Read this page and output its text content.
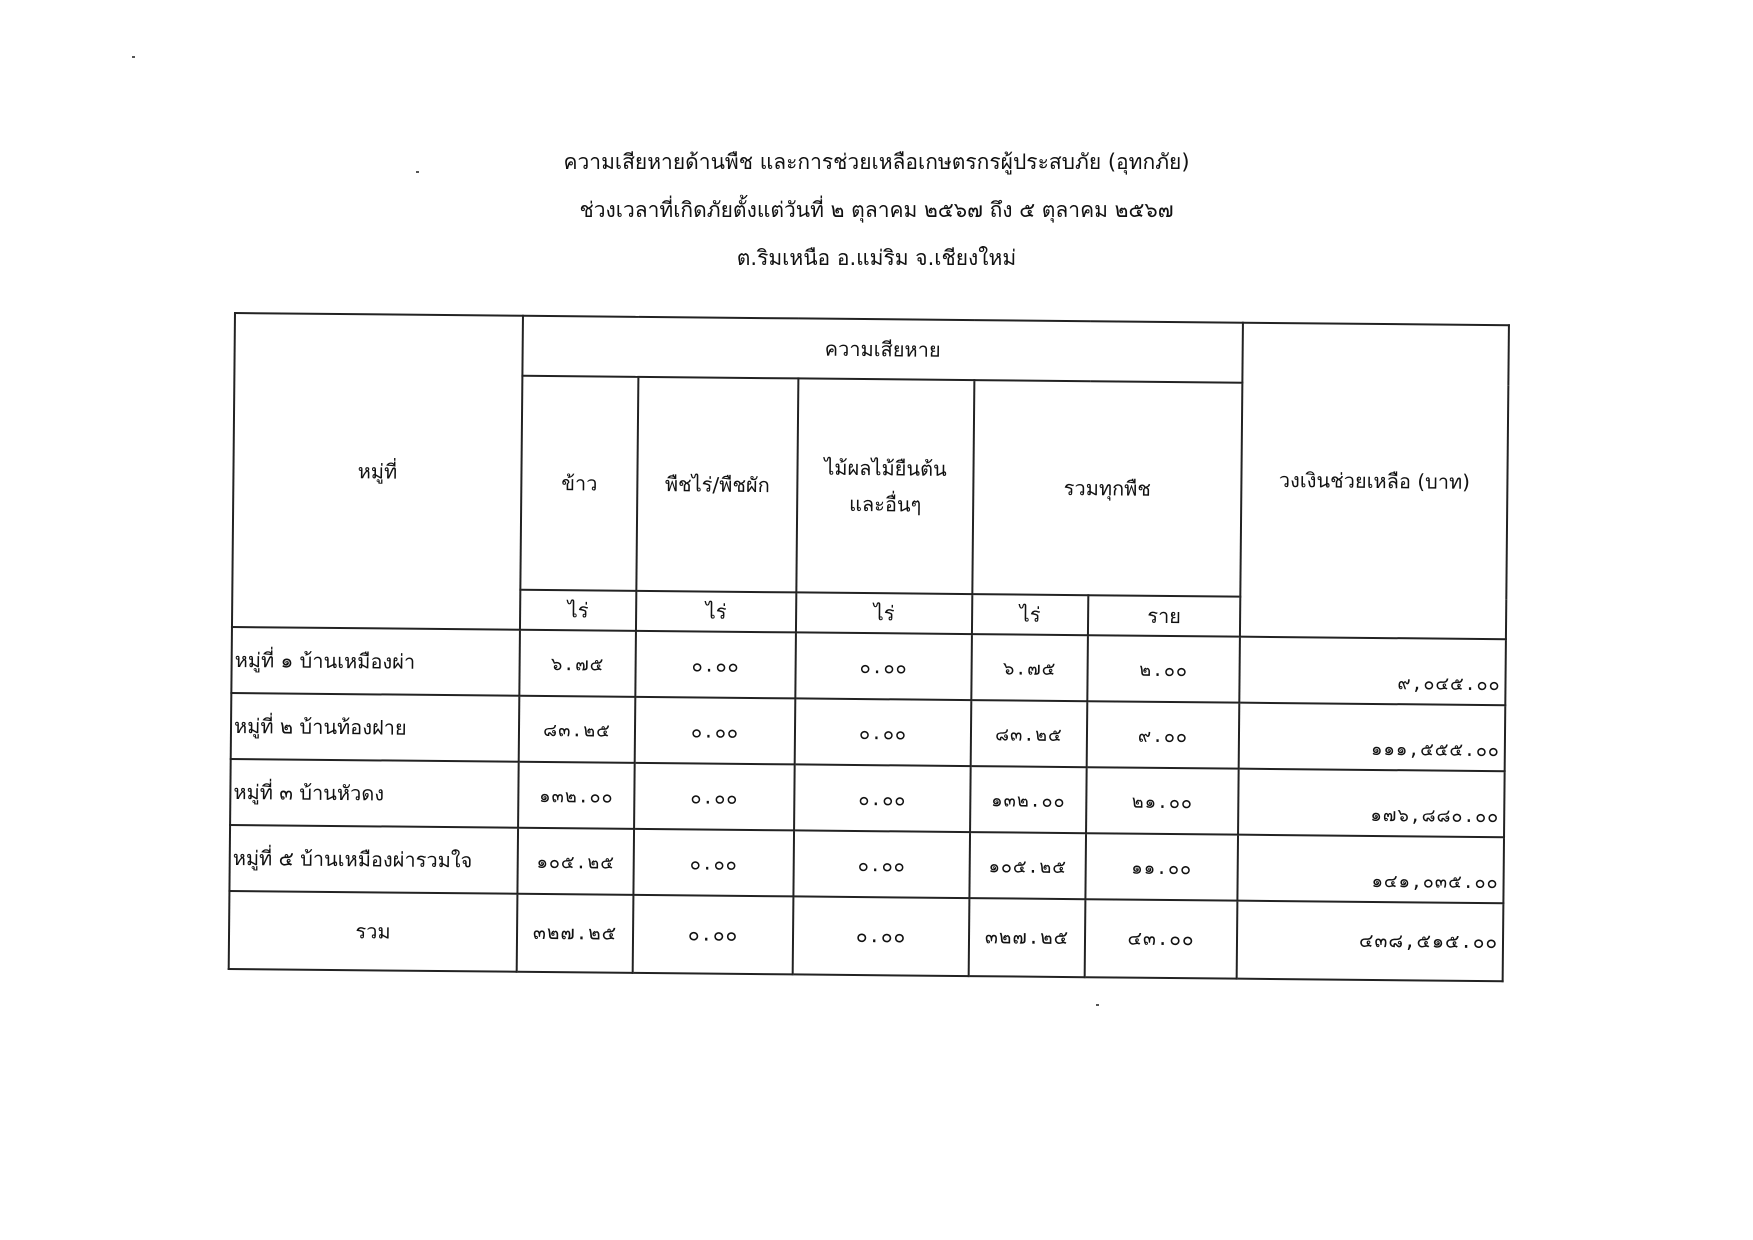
ความเสียหายด้านพืช และการช่วยเหลือเกษตรกรผู้ประสบภัย (อุทกภัย)
ช่วงเวลาที่เกิดภัยตั้งแต่วันที่ ๒ ตุลาคม ๒๕๖๗ ถึง ๕ ตุลาคม ๒๕๖๗
ต.ริมเหนือ อ.แม่ริม จ.เชียงใหม่
หมู่ที่	ความเสียหาย					วงเงินช่วยเหลือ (บาท)
	ข้าว	พืชไร่/พืชผัก	ไม้ผลไม้ยืนต้น
และอื่นๆ	รวมทุกพืช		
	ไร่	ไร่	ไร่	ไร่	ราย	
หมู่ที่ ๑ บ้านเหมืองผ่า	๖.๗๕	๐.๐๐	๐.๐๐	๖.๗๕	๒.๐๐	๙,๐๔๕.๐๐
หมู่ที่ ๒ บ้านท้องฝาย	๘๓.๒๕	๐.๐๐	๐.๐๐	๘๓.๒๕	๙.๐๐	๑๑๑,๕๕๕.๐๐
หมู่ที่ ๓ บ้านหัวดง	๑๓๒.๐๐	๐.๐๐	๐.๐๐	๑๓๒.๐๐	๒๑.๐๐	๑๗๖,๘๘๐.๐๐
หมู่ที่ ๕ บ้านเหมืองผ่ารวมใจ	๑๐๕.๒๕	๐.๐๐	๐.๐๐	๑๐๕.๒๕	๑๑.๐๐	๑๔๑,๐๓๕.๐๐
รวม	๓๒๗.๒๕	๐.๐๐	๐.๐๐	๓๒๗.๒๕	๔๓.๐๐	๔๓๘,๕๑๕.๐๐
